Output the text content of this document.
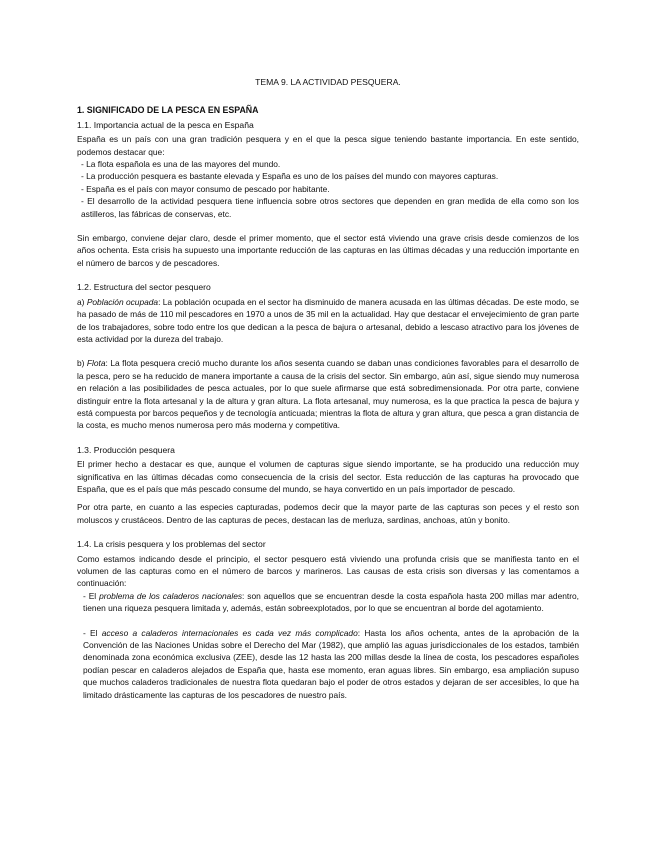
TEMA 9. LA ACTIVIDAD PESQUERA.
1. SIGNIFICADO DE LA PESCA EN ESPAÑA
1.1. Importancia actual de la pesca en España

España es un país con una gran tradición pesquera y en el que la pesca sigue teniendo bastante importancia. En este sentido, podemos destacar que:

- La flota española es una de las mayores del mundo.
- La producción pesquera es bastante elevada y España es uno de los países del mundo con mayores capturas.
- España es el país con mayor consumo de pescado por habitante.
- El desarrollo de la actividad pesquera tiene influencia sobre otros sectores que dependen en gran medida de ella como son los astilleros, las fábricas de conservas, etc.

Sin embargo, conviene dejar claro, desde el primer momento, que el sector está viviendo una grave crisis desde comienzos de los años ochenta. Esta crisis ha supuesto una importante reducción de las capturas en las últimas décadas y una reducción importante en el número de barcos y de pescadores.

1.2. Estructura del sector pesquero

a) Población ocupada: La población ocupada en el sector ha disminuido de manera acusada en las últimas décadas. De este modo, se ha pasado de más de 110 mil pescadores en 1970 a unos de 35 mil en la actualidad. Hay que destacar el envejecimiento de gran parte de los trabajadores, sobre todo entre los que dedican a la pesca de bajura o artesanal, debido a lescaso atractivo para los jóvenes de esta actividad por la dureza del trabajo.

b) Flota: La flota pesquera creció mucho durante los años sesenta cuando se daban unas condiciones favorables para el desarrollo de la pesca, pero se ha reducido de manera importante a causa de la crisis del sector. Sin embargo, aún así, sigue siendo muy numerosa en relación a las posibilidades de pesca actuales, por lo que suele afirmarse que está sobredimensionada. Por otra parte, conviene distinguir entre la flota artesanal y la de altura y gran altura. La flota artesanal, muy numerosa, es la que practica la pesca de bajura y está compuesta por barcos pequeños y de tecnología anticuada; mientras la flota de altura y gran altura, que pesca a gran distancia de la costa, es mucho menos numerosa pero más moderna y competitiva.

1.3. Producción pesquera

El primer hecho a destacar es que, aunque el volumen de capturas sigue siendo importante, se ha producido una reducción muy significativa en las últimas décadas como consecuencia de la crisis del sector. Esta reducción de las capturas ha provocado que España, que es el país que más pescado consume del mundo, se haya convertido en un país importador de pescado.

Por otra parte, en cuanto a las especies capturadas, podemos decir que la mayor parte de las capturas son peces y el resto son moluscos y crustáceos. Dentro de las capturas de peces, destacan las de merluza, sardinas, anchoas, atún y bonito.

1.4. La crisis pesquera y los problemas del sector

Como estamos indicando desde el principio, el sector pesquero está viviendo una profunda crisis que se manifiesta tanto en el volumen de las capturas como en el número de barcos y marineros. Las causas de esta crisis son diversas y las comentamos a continuación:

- El problema de los caladeros nacionales: son aquellos que se encuentran desde la costa española hasta 200 millas mar adentro, tienen una riqueza pesquera limitada y, además, están sobreexplotados, por lo que se encuentran al borde del agotamiento.

- El acceso a caladeros internacionales es cada vez más complicado: Hasta los años ochenta, antes de la aprobación de la Convención de las Naciones Unidas sobre el Derecho del Mar (1982), que amplió las aguas jurisdiccionales de los estados, también denominada zona económica exclusiva (ZEE), desde las 12 hasta las 200 millas desde la línea de costa, los pescadores españoles podían pescar en caladeros alejados de España que, hasta ese momento, eran aguas libres. Sin embargo, esa ampliación supuso que muchos caladeros tradicionales de nuestra flota quedaran bajo el poder de otros estados y dejaran de ser accesibles, lo que ha limitado drásticamente las capturas de los pescadores de nuestro país.
